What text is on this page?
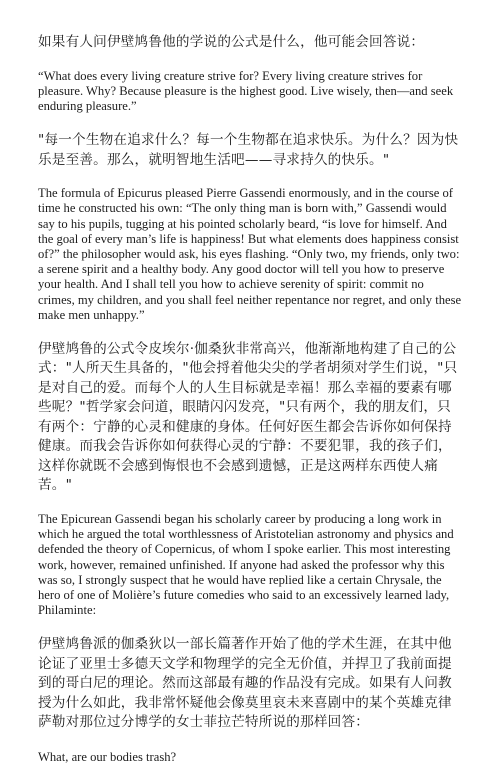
如果有人问伊壁鸠鲁他的学说的公式是什么，他可能会回答说：

“What does every living creature strive for? Every living creature strives for pleasure. Why? Because pleasure is the highest good. Live wisely, then—and seek enduring pleasure.”

"每一个生物在追求什么？每一个生物都在追求快乐。为什么？因为快乐是至善。那么，就明智地生活吧——寻求持久的快乐。"

The formula of Epicurus pleased Pierre Gassendi enormously, and in the course of time he constructed his own: “The only thing man is born with,” Gassendi would say to his pupils, tugging at his pointed scholarly beard, “is love for himself. And the goal of every man’s life is happiness! But what elements does happiness consist of?” the philosopher would ask, his eyes flashing. “Only two, my friends, only two: a serene spirit and a healthy body. Any good doctor will tell you how to preserve your health. And I shall tell you how to achieve serenity of spirit: commit no crimes, my children, and you shall feel neither repentance nor regret, and only these make men unhappy.”

伊壁鸠鲁的公式令皮埃尔·伽桑狄非常高兴，他渐渐地构建了自己的公式："人所天生具备的，"他会捋着他尖尖的学者胡须对学生们说，"只是对自己的爱。而每个人的人生目标就是幸福！那么幸福的要素有哪些呢？"哲学家会问道，眼睛闪闪发亮，"只有两个，我的朋友们，只有两个：宁静的心灵和健康的身体。任何好医生都会告诉你如何保持健康。而我会告诉你如何获得心灵的宁静：不要犯罪，我的孩子们，这样你就既不会感到悔恨也不会感到遗憾，正是这两样东西使人痛苦。"

The Epicurean Gassendi began his scholarly career by producing a long work in which he argued the total worthlessness of Aristotelian astronomy and physics and defended the theory of Copernicus, of whom I spoke earlier. This most interesting work, however, remained unfinished. If anyone had asked the professor why this was so, I strongly suspect that he would have replied like a certain Chrysale, the hero of one of Molière’s future comedies who said to an excessively learned lady, Philaminte:

伊壁鸠鲁派的伽桑狄以一部长篇著作开始了他的学术生涯，在其中他论证了亚里士多德天文学和物理学的完全无价值，并捍卫了我前面提到的哥白尼的理论。然而这部最有趣的作品没有完成。如果有人问教授为什么如此，我非常怀疑他会像莫里哀未来喜剧中的某个英雄克律萨勒对那位过分博学的女士菲拉芒特所说的那样回答：

What, are our bodies trash?
